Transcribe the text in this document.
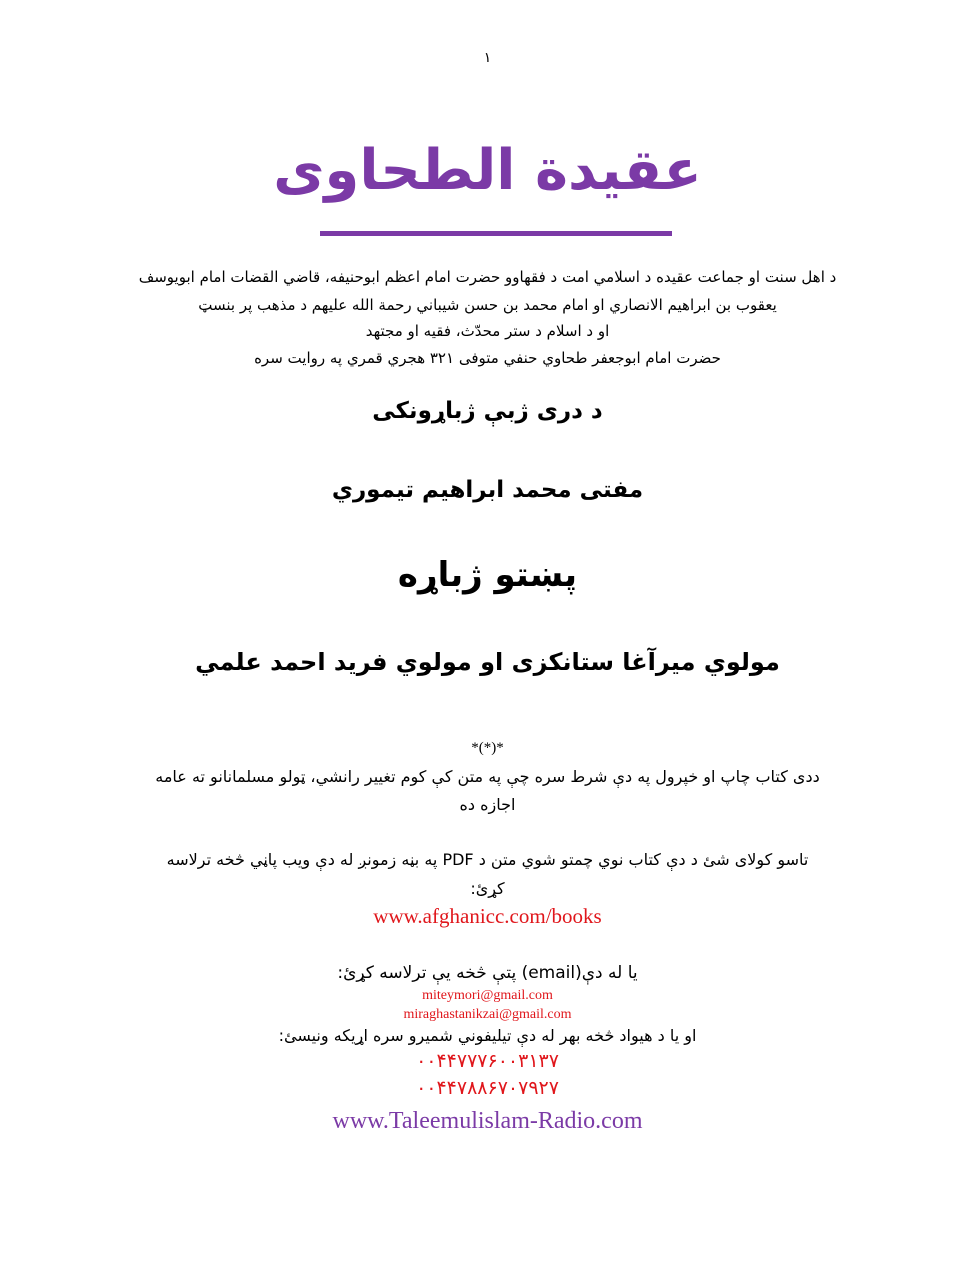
١
عقيدة الطحاوى
د اهل سنت او جماعت عقيده د اسلامي امت د فقهاوو حضرت امام اعظم ابوحنيفه، قاضي القضات امام ابويوسف
يعقوب بن ابراهيم الانصاري او امام محمد بن حسن شيباني رحمة الله عليهم د مذهب پر بنسټ
او د اسلام د ستر محدّث، فقيه او مجتهد
حضرت امام ابوجعفر طحاوي حنفي متوفى ٣٢١ هجري قمري په روايت سره
د درى ژبې ژباړونکى
مفتى محمد ابراهيم تيموري
پښتو ژباړه
مولوي ميرآغا ستانکزى او مولوي فريد احمد علمي
*(*)*
ددى کتاب چاپ او خپرول په دې شرط سره چې په متن کې کوم تغيير رانشي، ټولو مسلمانانو ته عامه
اجازه ده
تاسو کولاى شئ د دې کتاب نوي چمتو شوي متن د PDF په بڼه زمونږ له دې ويب پاڼي څخه ترلاسه
کړئ:
www.afghanicc.com/books
يا له دې(email) پتې څخه يې ترلاسه کړئ:
miteymori@gmail.com
miraghastanikzai@gmail.com
او يا د هيواد څخه بهر له دې تيليفوني شميرو سره اړيکه ونيسئ:
٠٠۴۴٧٧٧۶٠٠٣١٣٧
٠٠۴۴٧٨٨۶٧٠٧٩٢٧
www.Taleemulislam-Radio.com
